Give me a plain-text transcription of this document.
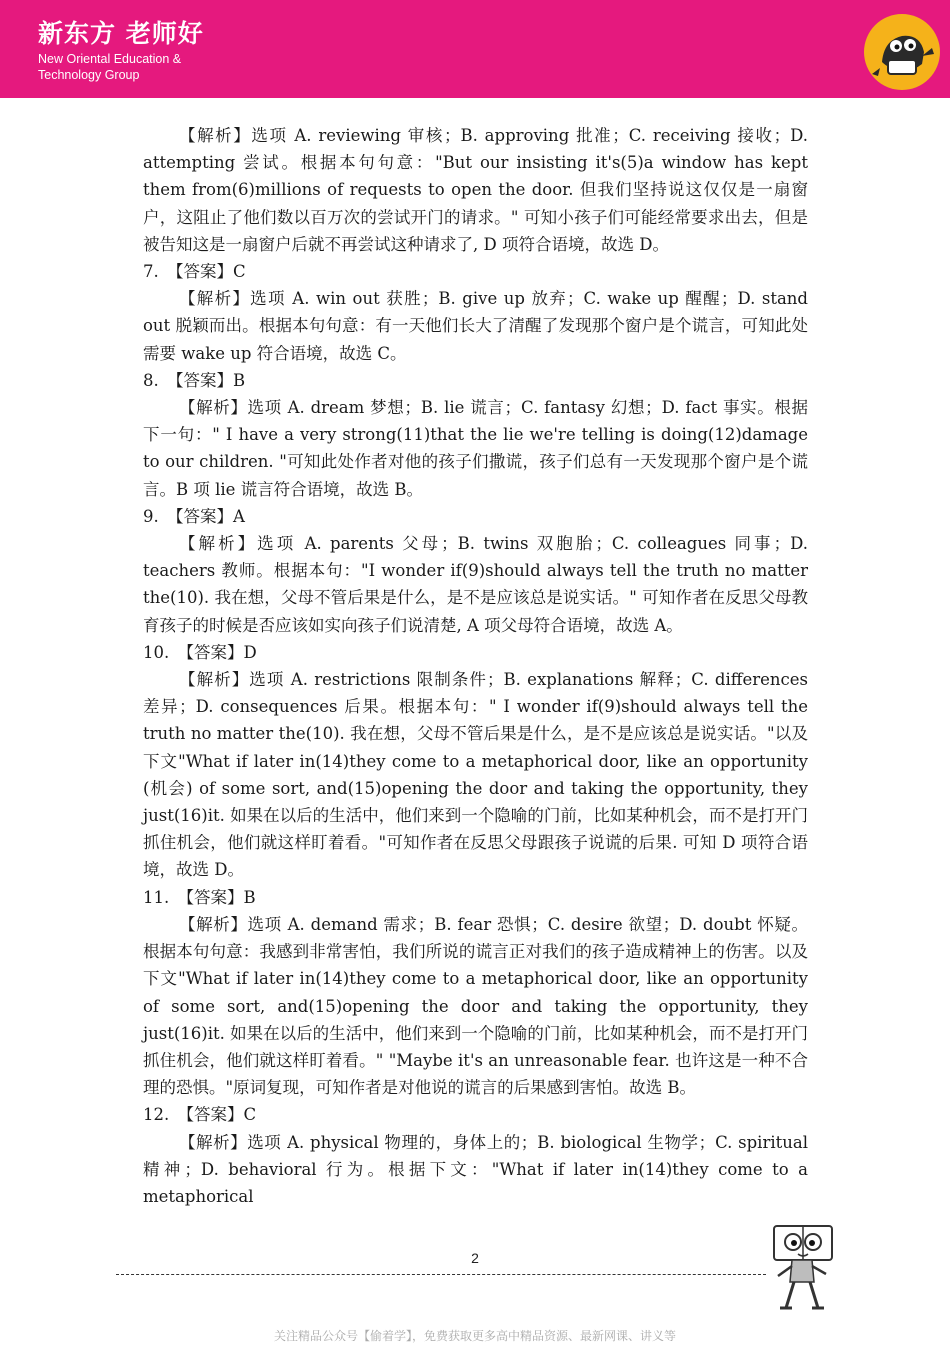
新东方 老师好
New Oriental Education &
Technology Group

【解析】选项 A. reviewing 审核；B. approving 批准；C. receiving 接收；D. attempting 尝试。根据本句句意："But our insisting it's(5)a window has kept them from(6)millions of requests to open the door. 但我们坚持说这仅仅是一扇窗户，这阻止了他们数以百万次的尝试开门的请求。" 可知小孩子们可能经常要求出去，但是被告知这是一扇窗户后就不再尝试这种请求了, D 项符合语境，故选 D。

7.　【答案】C

【解析】选项 A. win out 获胜；B. give up 放弃；C. wake up 醒醒；D. stand out 脱颖而出。根据本句句意：有一天他们长大了清醒了发现那个窗户是个谎言，可知此处需要 wake up 符合语境，故选 C。

8.　【答案】B

【解析】选项 A. dream 梦想；B. lie 谎言；C. fantasy 幻想；D. fact 事实。根据下一句：" I have a very strong(11)that the lie we're telling is doing(12)damage to our children. "可知此处作者对他的孩子们撒谎，孩子们总有一天发现那个窗户是个谎言。B 项 lie 谎言符合语境，故选 B。

9.　【答案】A

【解析】选项 A. parents 父母；B. twins 双胞胎；C. colleagues 同事；D. teachers 教师。根据本句："I wonder if(9)should always tell the truth no matter the(10). 我在想，父母不管后果是什么，是不是应该总是说实话。" 可知作者在反思父母教育孩子的时候是否应该如实向孩子们说清楚, A 项父母符合语境，故选 A。

10.　【答案】D

【解析】选项 A. restrictions 限制条件；B. explanations 解释；C. differences 差异；D. consequences 后果。根据本句：" I wonder if(9)should always tell the truth no matter the(10). 我在想，父母不管后果是什么，是不是应该总是说实话。"以及下文"What if later in(14)they come to a metaphorical door, like an opportunity (机会) of some sort, and(15)opening the door and taking the opportunity, they just(16)it. 如果在以后的生活中，他们来到一个隐喻的门前，比如某种机会，而不是打开门抓住机会，他们就这样盯着看。"可知作者在反思父母跟孩子说谎的后果. 可知 D 项符合语境，故选 D。

11.　【答案】B

【解析】选项 A. demand 需求；B. fear 恐惧；C. desire 欲望；D. doubt 怀疑。根据本句句意：我感到非常害怕，我们所说的谎言正对我们的孩子造成精神上的伤害。以及下文"What if later in(14)they come to a metaphorical door, like an opportunity of some sort, and(15)opening the door and taking the opportunity, they just(16)it. 如果在以后的生活中，他们来到一个隐喻的门前，比如某种机会，而不是打开门抓住机会，他们就这样盯着看。" "Maybe it's an unreasonable fear. 也许这是一种不合理的恐惧。"原词复现，可知作者是对他说的谎言的后果感到害怕。故选 B。

12.　【答案】C

【解析】选项 A. physical 物理的，身体上的；B. biological 生物学；C. spiritual 精神；D. behavioral 行为。根据下文："What if later in(14)they come to a metaphorical

2
关注精品公众号【偷着学】，免费获取更多高中精品资源、最新网课、讲义等
